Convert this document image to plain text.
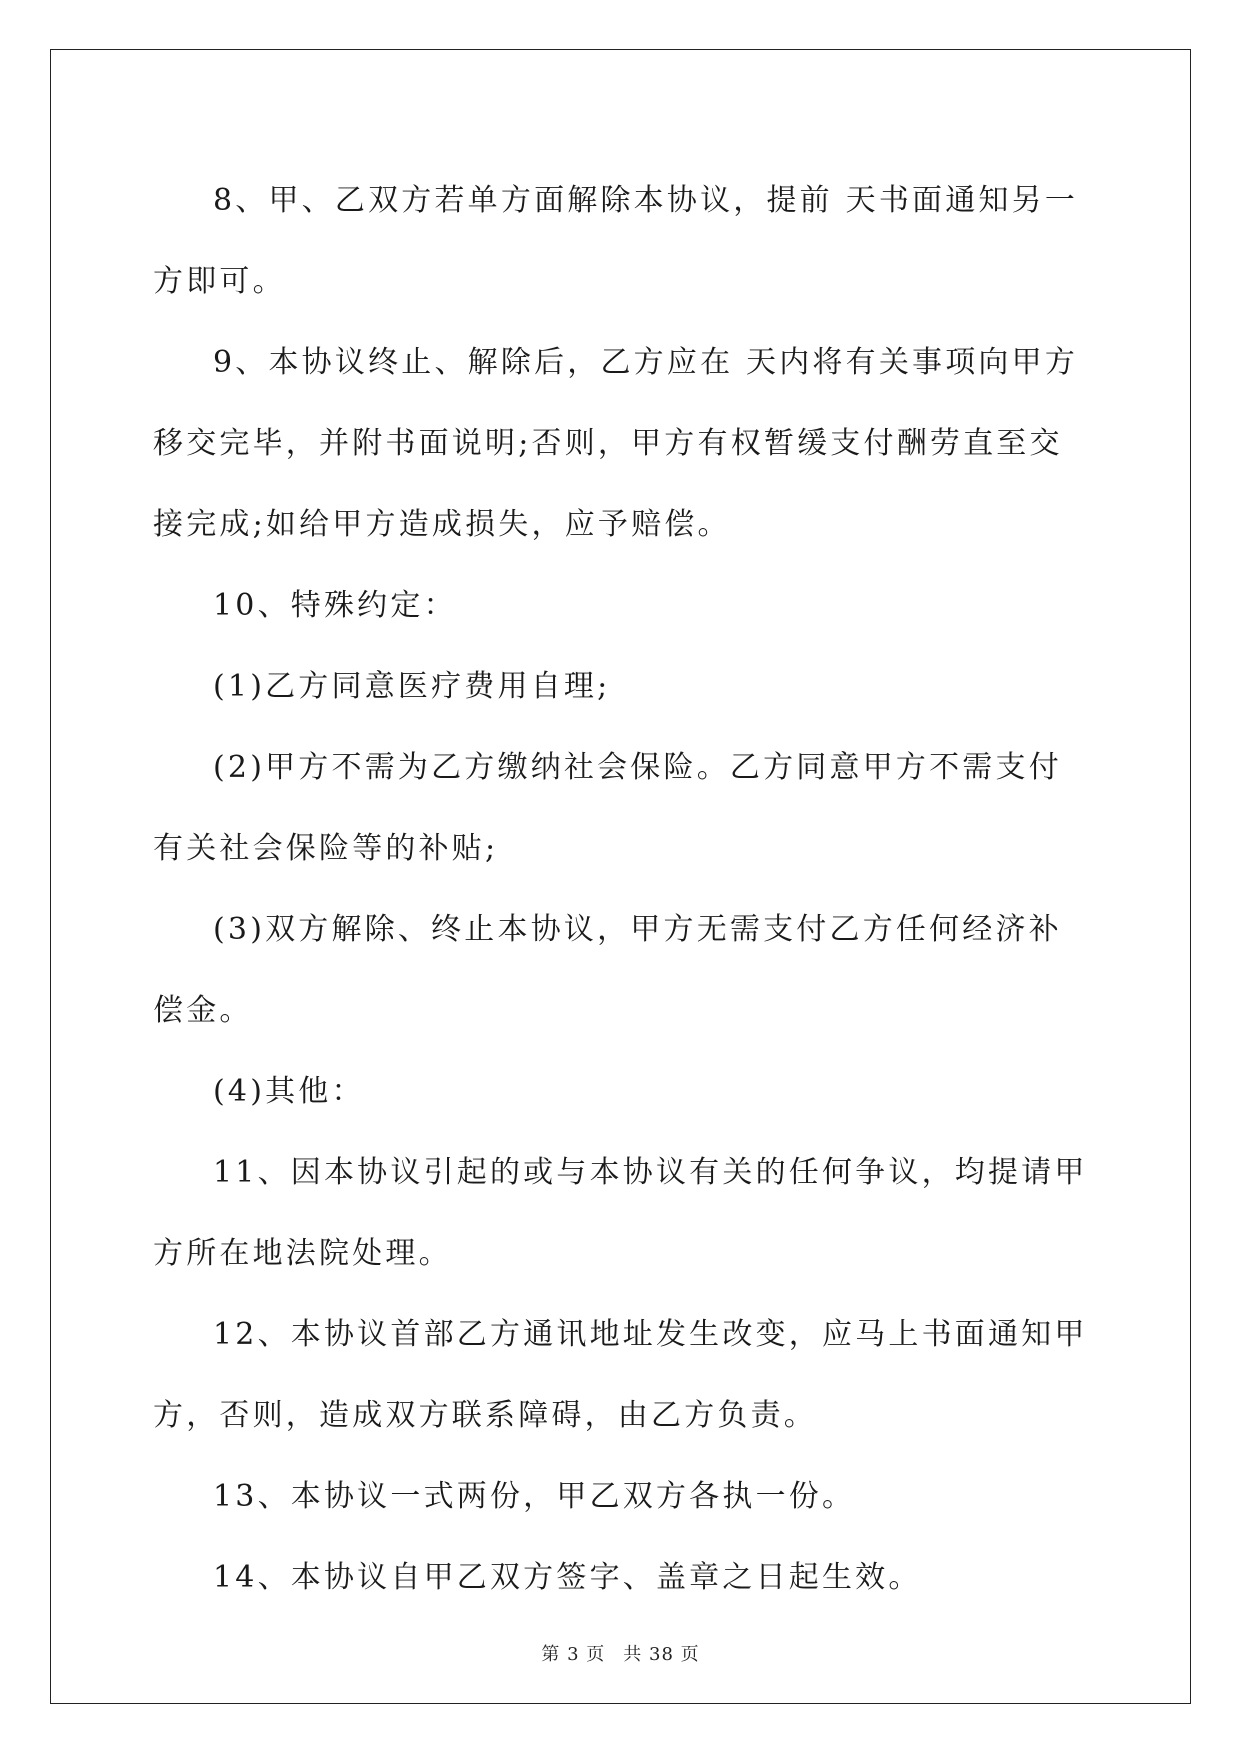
8、甲、乙双方若单方面解除本协议，提前 天书面通知另一方即可。

9、本协议终止、解除后，乙方应在 天内将有关事项向甲方移交完毕，并附书面说明;否则，甲方有权暂缓支付酬劳直至交接完成;如给甲方造成损失，应予赔偿。

10、特殊约定：

(1)乙方同意医疗费用自理;

(2)甲方不需为乙方缴纳社会保险。乙方同意甲方不需支付有关社会保险等的补贴;

(3)双方解除、终止本协议，甲方无需支付乙方任何经济补偿金。

(4)其他：

11、因本协议引起的或与本协议有关的任何争议，均提请甲方所在地法院处理。

12、本协议首部乙方通讯地址发生改变，应马上书面通知甲方，否则，造成双方联系障碍，由乙方负责。

13、本协议一式两份，甲乙双方各执一份。

14、本协议自甲乙双方签字、盖章之日起生效。

第 3 页 共 38 页
